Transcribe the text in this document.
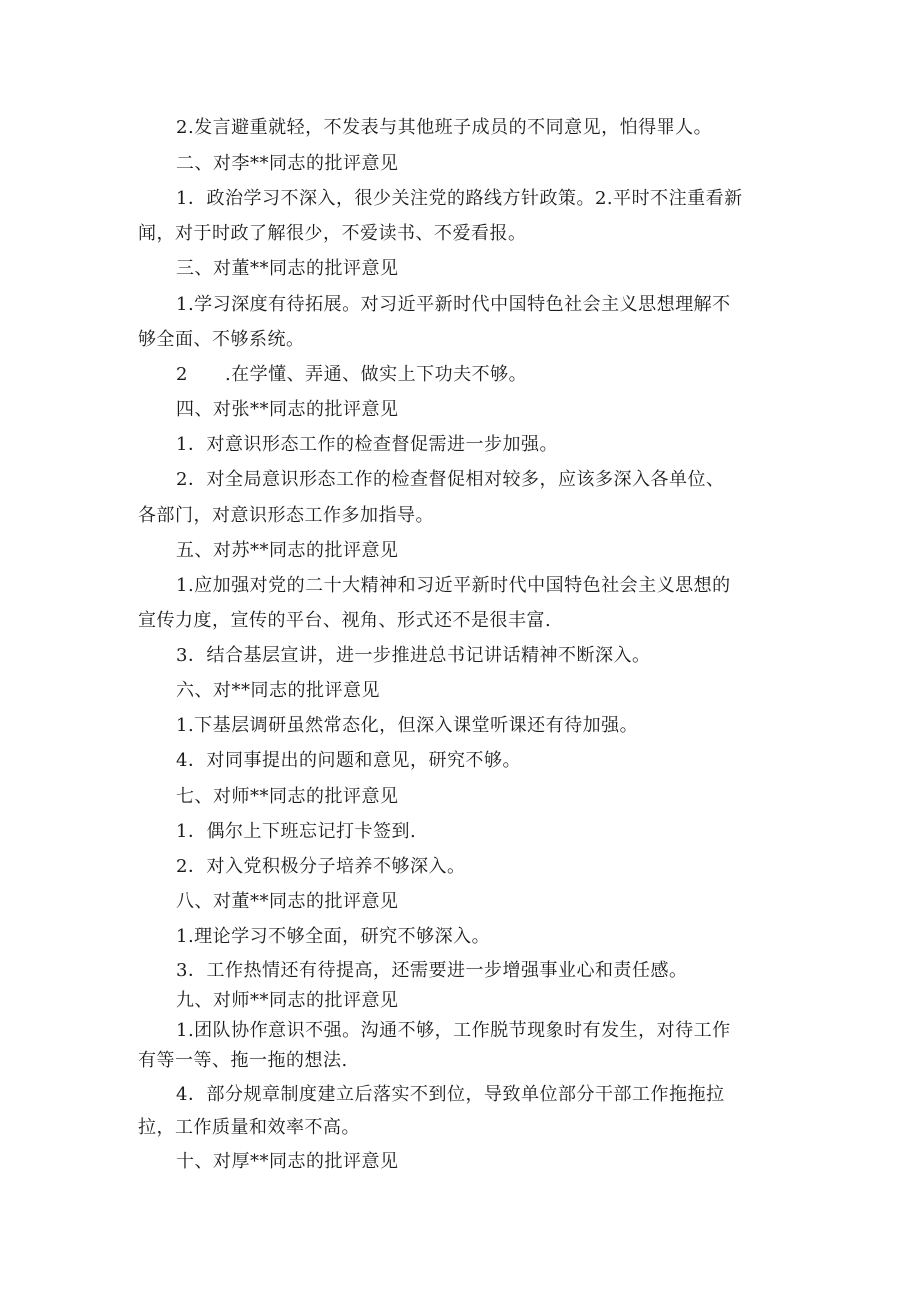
2.发言避重就轻，不发表与其他班子成员的不同意见，怕得罪人。
二、对李**同志的批评意见
1．政治学习不深入，很少关注党的路线方针政策。2.平时不注重看新
闻，对于时政了解很少，不爱读书、不爱看报。
三、对董**同志的批评意见
1.学习深度有待拓展。对习近平新时代中国特色社会主义思想理解不
够全面、不够系统。
2　　.在学懂、弄通、做实上下功夫不够。
四、对张**同志的批评意见
1．对意识形态工作的检查督促需进一步加强。
2．对全局意识形态工作的检查督促相对较多，应该多深入各单位、
各部门，对意识形态工作多加指导。
五、对苏**同志的批评意见
1.应加强对党的二十大精神和习近平新时代中国特色社会主义思想的
宣传力度，宣传的平台、视角、形式还不是很丰富.
3．结合基层宣讲，进一步推进总书记讲话精神不断深入。
六、对**同志的批评意见
1.下基层调研虽然常态化，但深入课堂听课还有待加强。
4．对同事提出的问题和意见，研究不够。
七、对师**同志的批评意见
1．偶尔上下班忘记打卡签到.
2．对入党积极分子培养不够深入。
八、对董**同志的批评意见
1.理论学习不够全面，研究不够深入。
3．工作热情还有待提高，还需要进一步增强事业心和责任感。
九、对师**同志的批评意见
1.团队协作意识不强。沟通不够，工作脱节现象时有发生，对待工作
有等一等、拖一拖的想法.
4．部分规章制度建立后落实不到位，导致单位部分干部工作拖拖拉
拉，工作质量和效率不高。
十、对厚**同志的批评意见
